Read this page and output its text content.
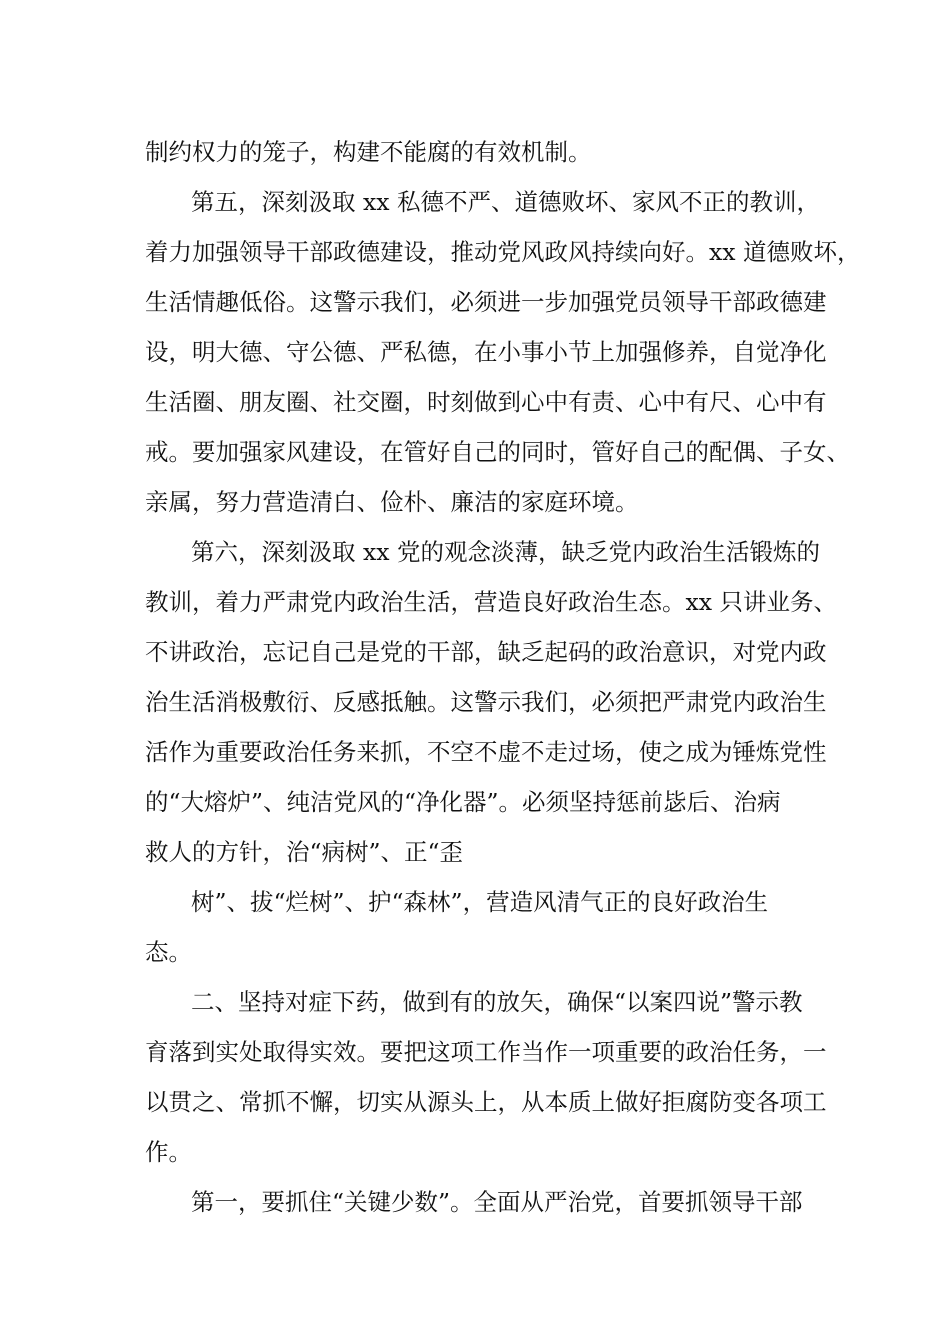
制约权力的笼子，构建不能腐的有效机制。
第五，深刻汲取 xx 私德不严、道德败坏、家风不正的教训，
着力加强领导干部政德建设，推动党风政风持续向好。xx 道德败坏，
生活情趣低俗。这警示我们，必须进一步加强党员领导干部政德建
设，明大德、守公德、严私德，在小事小节上加强修养，自觉净化
生活圈、朋友圈、社交圈，时刻做到心中有责、心中有尺、心中有
戒。要加强家风建设，在管好自己的同时，管好自己的配偶、子女、
亲属，努力营造清白、俭朴、廉洁的家庭环境。
第六，深刻汲取 xx 党的观念淡薄，缺乏党内政治生活锻炼的
教训，着力严肃党内政治生活，营造良好政治生态。xx 只讲业务、
不讲政治，忘记自己是党的干部，缺乏起码的政治意识，对党内政
治生活消极敷衍、反感抵触。这警示我们，必须把严肃党内政治生
活作为重要政治任务来抓，不空不虚不走过场，使之成为锤炼党性
的“大熔炉”、纯洁党风的“净化器”。必须坚持惩前毖后、治病
救人的方针，治“病树”、正“歪
树”、拔“烂树”、护“森林”，营造风清气正的良好政治生
态。
二、坚持对症下药，做到有的放矢，确保“以案四说”警示教
育落到实处取得实效。要把这项工作当作一项重要的政治任务，一
以贯之、常抓不懈，切实从源头上，从本质上做好拒腐防变各项工
作。
第一，要抓住“关键少数”。全面从严治党，首要抓领导干部
